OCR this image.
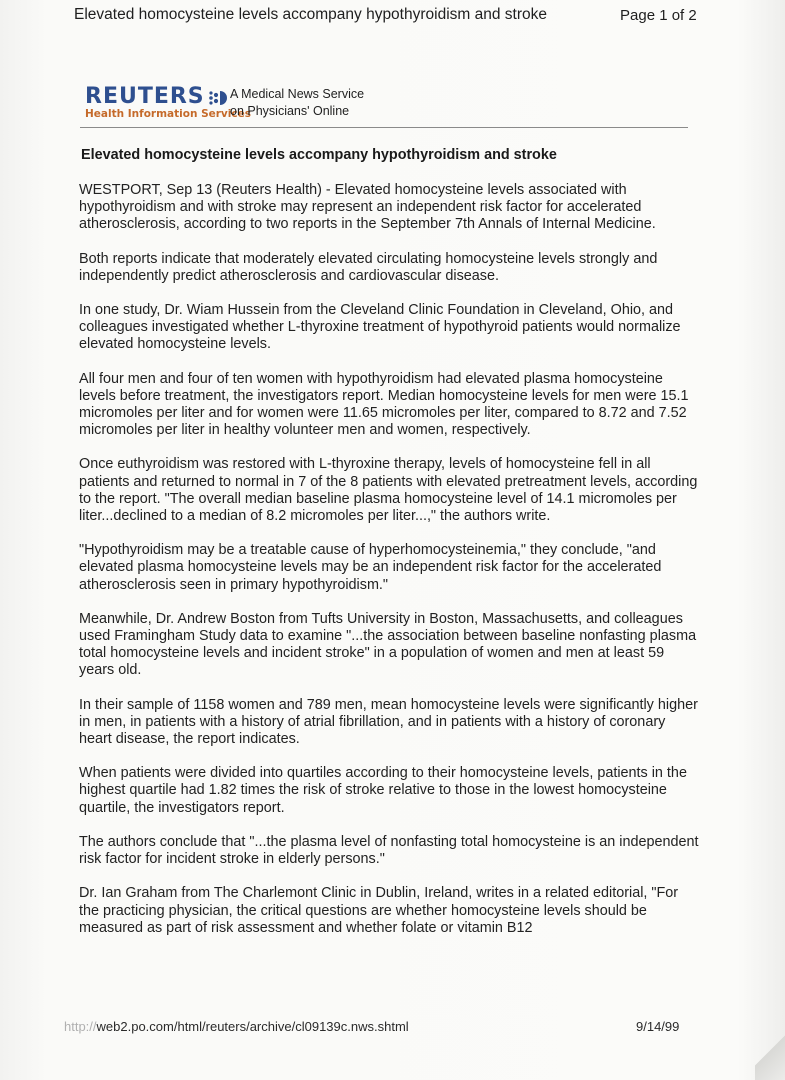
Elevated homocysteine levels accompany hypothyroidism and stroke	Page 1 of 2
REUTERS
Health Information Services
A Medical News Service
on Physicians' Online
Elevated homocysteine levels accompany hypothyroidism and stroke

WESTPORT, Sep 13 (Reuters Health) - Elevated homocysteine levels associated with hypothyroidism and with stroke may represent an independent risk factor for accelerated atherosclerosis, according to two reports in the September 7th Annals of Internal Medicine.

Both reports indicate that moderately elevated circulating homocysteine levels strongly and independently predict atherosclerosis and cardiovascular disease.

In one study, Dr. Wiam Hussein from the Cleveland Clinic Foundation in Cleveland, Ohio, and colleagues investigated whether L-thyroxine treatment of hypothyroid patients would normalize elevated homocysteine levels.

All four men and four of ten women with hypothyroidism had elevated plasma homocysteine levels before treatment, the investigators report. Median homocysteine levels for men were 15.1 micromoles per liter and for women were 11.65 micromoles per liter, compared to 8.72 and 7.52 micromoles per liter in healthy volunteer men and women, respectively.

Once euthyroidism was restored with L-thyroxine therapy, levels of homocysteine fell in all patients and returned to normal in 7 of the 8 patients with elevated pretreatment levels, according to the report. "The overall median baseline plasma homocysteine level of 14.1 micromoles per liter...declined to a median of 8.2 micromoles per liter...," the authors write.

"Hypothyroidism may be a treatable cause of hyperhomocysteinemia," they conclude, "and elevated plasma homocysteine levels may be an independent risk factor for the accelerated atherosclerosis seen in primary hypothyroidism."

Meanwhile, Dr. Andrew Boston from Tufts University in Boston, Massachusetts, and colleagues used Framingham Study data to examine "...the association between baseline nonfasting plasma total homocysteine levels and incident stroke" in a population of women and men at least 59 years old.

In their sample of 1158 women and 789 men, mean homocysteine levels were significantly higher in men, in patients with a history of atrial fibrillation, and in patients with a history of coronary heart disease, the report indicates.

When patients were divided into quartiles according to their homocysteine levels, patients in the highest quartile had 1.82 times the risk of stroke relative to those in the lowest homocysteine quartile, the investigators report.

The authors conclude that "...the plasma level of nonfasting total homocysteine is an independent risk factor for incident stroke in elderly persons."

Dr. Ian Graham from The Charlemont Clinic in Dublin, Ireland, writes in a related editorial, "For the practicing physician, the critical questions are whether homocysteine levels should be measured as part of risk assessment and whether folate or vitamin B12

http://web2.po.com/html/reuters/archive/cl09139c.nws.shtml	9/14/99
